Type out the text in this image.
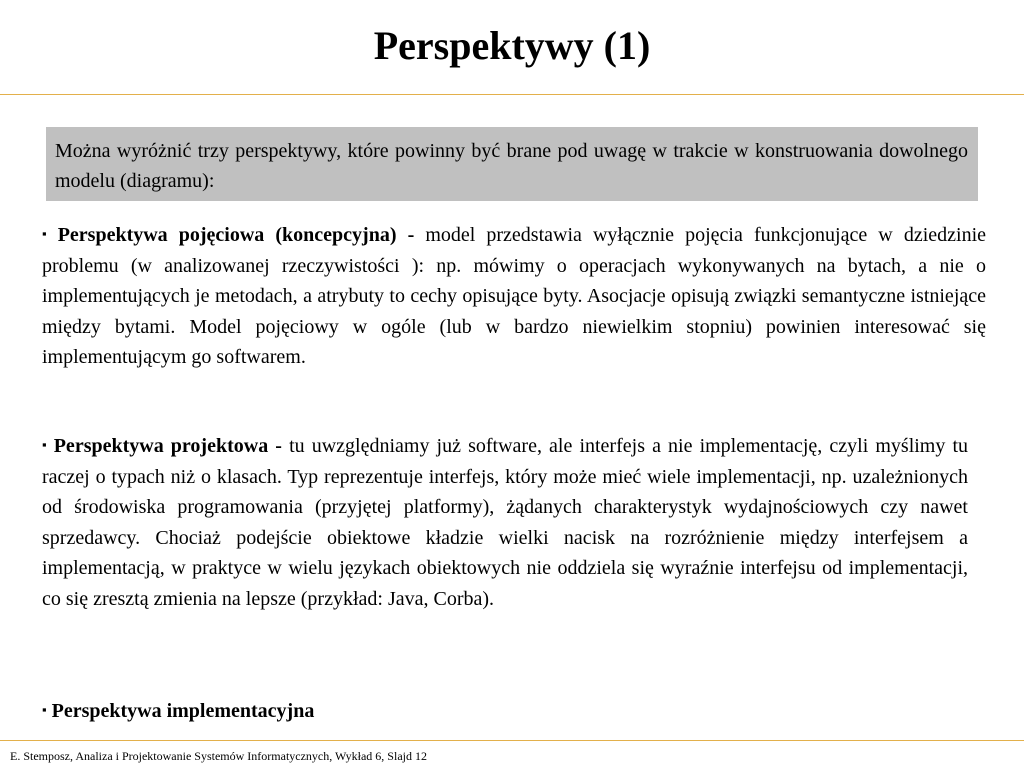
Perspektywy (1)
Można wyróżnić trzy perspektywy, które powinny być brane pod uwagę w trakcie w konstruowania dowolnego modelu (diagramu):
▪ Perspektywa pojęciowa (koncepcyjna) - model przedstawia wyłącznie pojęcia funkcjonujące w dziedzinie problemu (w analizowanej rzeczywistości ): np. mówimy o operacjach wykonywanych na bytach, a nie o implementujących je metodach, a atrybuty to cechy opisujące byty. Asocjacje opisują związki semantyczne istniejące między bytami. Model pojęciowy w ogóle (lub w bardzo niewielkim stopniu) powinien interesować się implementującym go softwarem.
▪ Perspektywa projektowa - tu uwzględniamy już software, ale interfejs a nie implementację, czyli myślimy tu raczej o typach niż o klasach. Typ reprezentuje interfejs, który może mieć wiele implementacji, np. uzależnionych od środowiska programowania (przyjętej platformy), żądanych charakterystyk wydajnościowych czy nawet sprzedawcy. Chociaż podejście obiektowe kładzie wielki nacisk na rozróżnienie między interfejsem a implementacją, w praktyce w wielu językach obiektowych nie oddziela się wyraźnie interfejsu od implementacji, co się zresztą zmienia na lepsze (przykład: Java, Corba).
▪ Perspektywa implementacyjna
E. Stemposz, Analiza i Projektowanie Systemów Informatycznych, Wykład 6, Slajd 12
